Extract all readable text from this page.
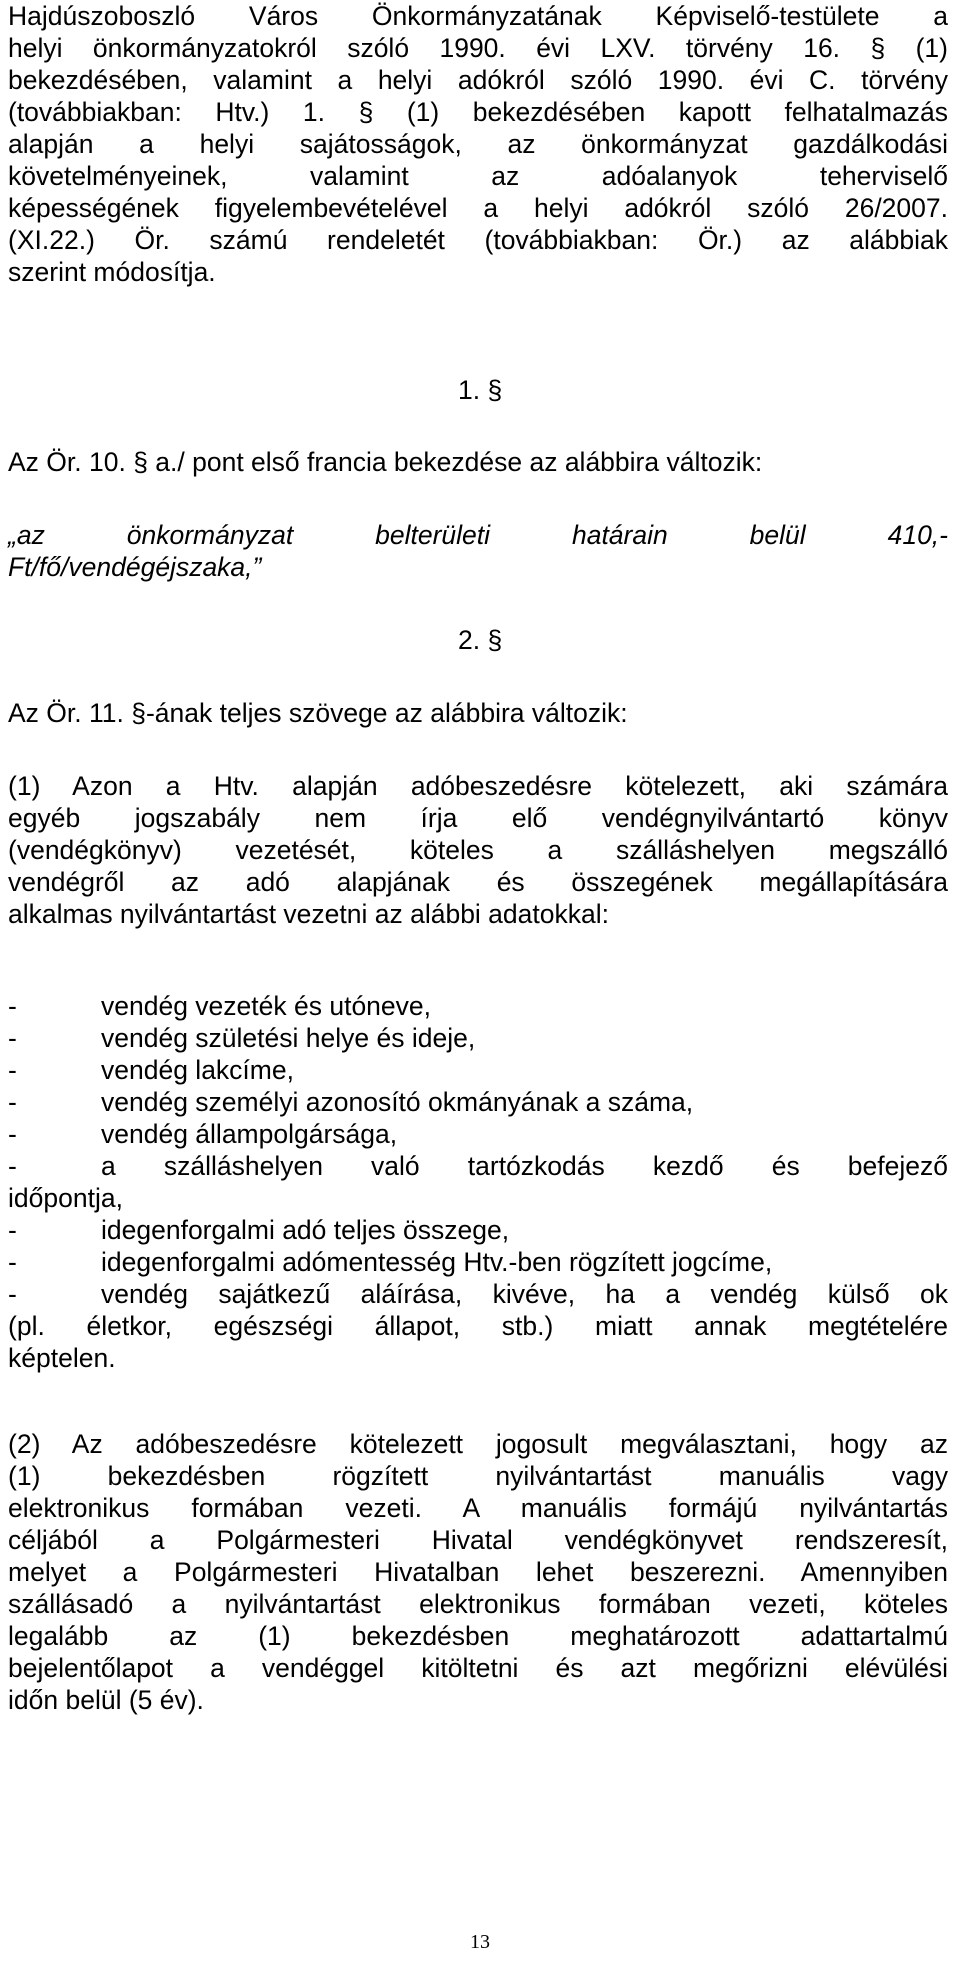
Hajdúszoboszló Város Önkormányzatának Képviselő-testülete a
helyi önkormányzatokról szóló 1990. évi LXV. törvény 16. § (1)
bekezdésében, valamint a helyi adókról szóló 1990. évi C. törvény
(továbbiakban: Htv.) 1. § (1) bekezdésében kapott felhatalmazás
alapján a helyi sajátosságok, az önkormányzat gazdálkodási
követelményeinek, valamint az adóalanyok teherviselő
képességének figyelembevételével a helyi adókról szóló 26/2007.
(XI.22.) Ör. számú rendeletét (továbbiakban: Ör.) az alábbiak
szerint módosítja.
1. §
Az Ör. 10. § a./ pont első francia bekezdése az alábbira változik:
„az önkormányzat belterületi határain belül 410,-
Ft/fő/vendégéjszaka,”
2. §
Az Ör. 11. §-ának teljes szövege az alábbira változik:
(1) Azon a Htv. alapján adóbeszedésre kötelezett, aki számára
egyéb jogszabály nem írja elő vendégnyilvántartó könyv
(vendégkönyv) vezetését, köteles a szálláshelyen megszálló
vendégről az adó alapjának és összegének megállapítására
alkalmas nyilvántartást vezetni az alábbi adatokkal:
-	vendég vezeték és utóneve,
-	vendég születési helye és ideje,
-	vendég lakcíme,
-	vendég személyi azonosító okmányának a száma,
-	vendég állampolgársága,
-	a szálláshelyen való tartózkodás kezdő és befejező
időpontja,
-	idegenforgalmi adó teljes összege,
-	idegenforgalmi adómentesség Htv.-ben rögzített jogcíme,
-	vendég sajátkezű aláírása, kivéve, ha a vendég külső ok
(pl. életkor, egészségi állapot, stb.) miatt annak megtételére
képtelen.
(2) Az adóbeszedésre kötelezett jogosult megválasztani, hogy az
(1) bekezdésben rögzített nyilvántartást manuális vagy
elektronikus formában vezeti. A manuális formájú nyilvántartás
céljából a Polgármesteri Hivatal vendégkönyvet rendszeresít,
melyet a Polgármesteri Hivatalban lehet beszerezni. Amennyiben
szállásadó a nyilvántartást elektronikus formában vezeti, köteles
legalább az (1) bekezdésben meghatározott adattartalmú
bejelentőlapot a vendéggel kitöltetni és azt megőrizni elévülési
időn belül (5 év).
13
